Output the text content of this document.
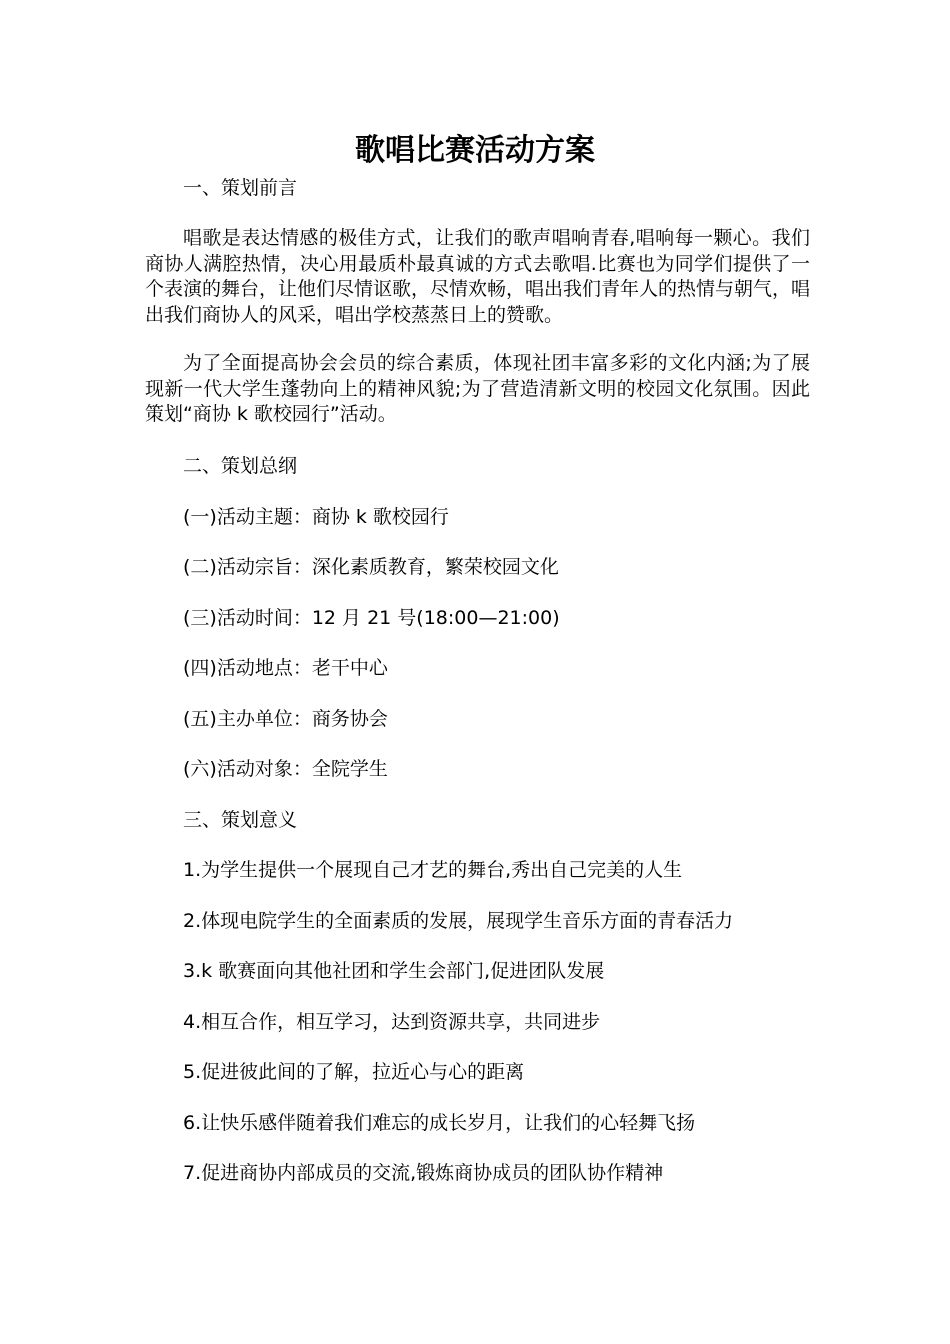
歌唱比赛活动方案

一、策划前言

唱歌是表达情感的极佳方式，让我们的歌声唱响青春,唱响每一颗心。我们商协人满腔热情，决心用最质朴最真诚的方式去歌唱.比赛也为同学们提供了一个表演的舞台，让他们尽情讴歌，尽情欢畅，唱出我们青年人的热情与朝气，唱出我们商协人的风采，唱出学校蒸蒸日上的赞歌。

为了全面提高协会会员的综合素质，体现社团丰富多彩的文化内涵;为了展现新一代大学生蓬勃向上的精神风貌;为了营造清新文明的校园文化氛围。因此策划“商协 k 歌校园行”活动。

二、策划总纲

(一)活动主题：商协 k 歌校园行

(二)活动宗旨：深化素质教育，繁荣校园文化

(三)活动时间：12 月 21 号(18:00—21:00)

(四)活动地点：老干中心

(五)主办单位：商务协会

(六)活动对象：全院学生

三、策划意义

1.为学生提供一个展现自己才艺的舞台,秀出自己完美的人生

2.体现电院学生的全面素质的发展，展现学生音乐方面的青春活力

3.k 歌赛面向其他社团和学生会部门,促进团队发展

4.相互合作，相互学习，达到资源共享，共同进步

5.促进彼此间的了解，拉近心与心的距离

6.让快乐感伴随着我们难忘的成长岁月，让我们的心轻舞飞扬

7.促进商协内部成员的交流,锻炼商协成员的团队协作精神
